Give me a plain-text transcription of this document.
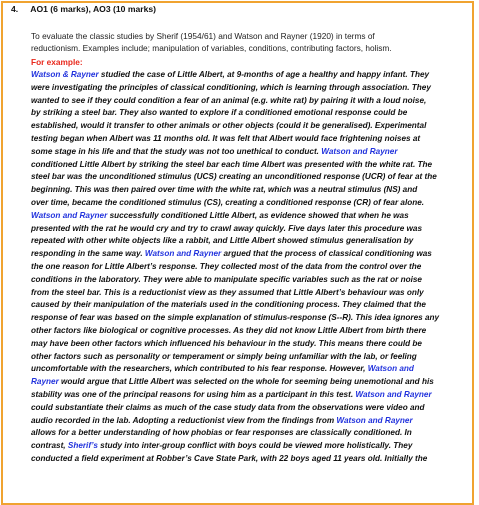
4. AO1 (6 marks), AO3 (10 marks)
To evaluate the classic studies by Sherif (1954/61) and Watson and Rayner (1920) in terms of
reductionism. Examples include; manipulation of variables, conditions, contributing factors, holism.
For example:
Watson & Rayner studied the case of Little Albert, at 9-months of age a healthy and happy infant. They
were investigating the principles of classical conditioning, which is learning through association. They
wanted to see if they could condition a fear of an animal (e.g. white rat) by pairing it with a loud noise,
by striking a steel bar. They also wanted to explore if a conditioned emotional response could be
established, would it transfer to other animals or other objects (could it be generalised). Experimental
testing began when Albert was 11 months old. It was felt that Albert would face frightening noises at
some stage in his life and that the study was not too unethical to conduct. Watson and Rayner
conditioned Little Albert by striking the steel bar each time Albert was presented with the white rat. The
steel bar was the unconditioned stimulus (UCS) creating an unconditioned response (UCR) of fear at the
beginning. This was then paired over time with the white rat, which was a neutral stimulus (NS) and
over time, became the conditioned stimulus (CS), creating a conditioned response (CR) of fear alone.
Watson and Rayner successfully conditioned Little Albert, as evidence showed that when he was
presented with the rat he would cry and try to crawl away quickly. Five days later this procedure was
repeated with other white objects like a rabbit, and Little Albert showed stimulus generalisation by
responding in the same way. Watson and Rayner argued that the process of classical conditioning was
the one reason for Little Albert’s response. They collected most of the data from the control over the
conditions in the laboratory. They were able to manipulate specific variables such as the rat or noise
from the steel bar. This is a reductionist view as they assumed that Little Albert’s behaviour was only
caused by their manipulation of the materials used in the conditioning process. They claimed that the
response of fear was based on the simple explanation of stimulus-response (S--R). This idea ignores any
other factors like biological or cognitive processes. As they did not know Little Albert from birth there
may have been other factors which influenced his behaviour in the study. This means there could be
other factors such as personality or temperament or simply being unfamiliar with the lab, or feeling
uncomfortable with the researchers, which contributed to his fear response. However, Watson and
Rayner would argue that Little Albert was selected on the whole for seeming being unemotional and his
stability was one of the principal reasons for using him as a participant in this test. Watson and Rayner
could substantiate their claims as much of the case study data from the observations were video and
audio recorded in the lab. Adopting a reductionist view from the findings from Watson and Rayner
allows for a better understanding of how phobias or fear responses are classically conditioned. In
contrast, Sherif’s study into inter-group conflict with boys could be viewed more holistically. They
conducted a field experiment at Robber’s Cave State Park, with 22 boys aged 11 years old. Initially the
